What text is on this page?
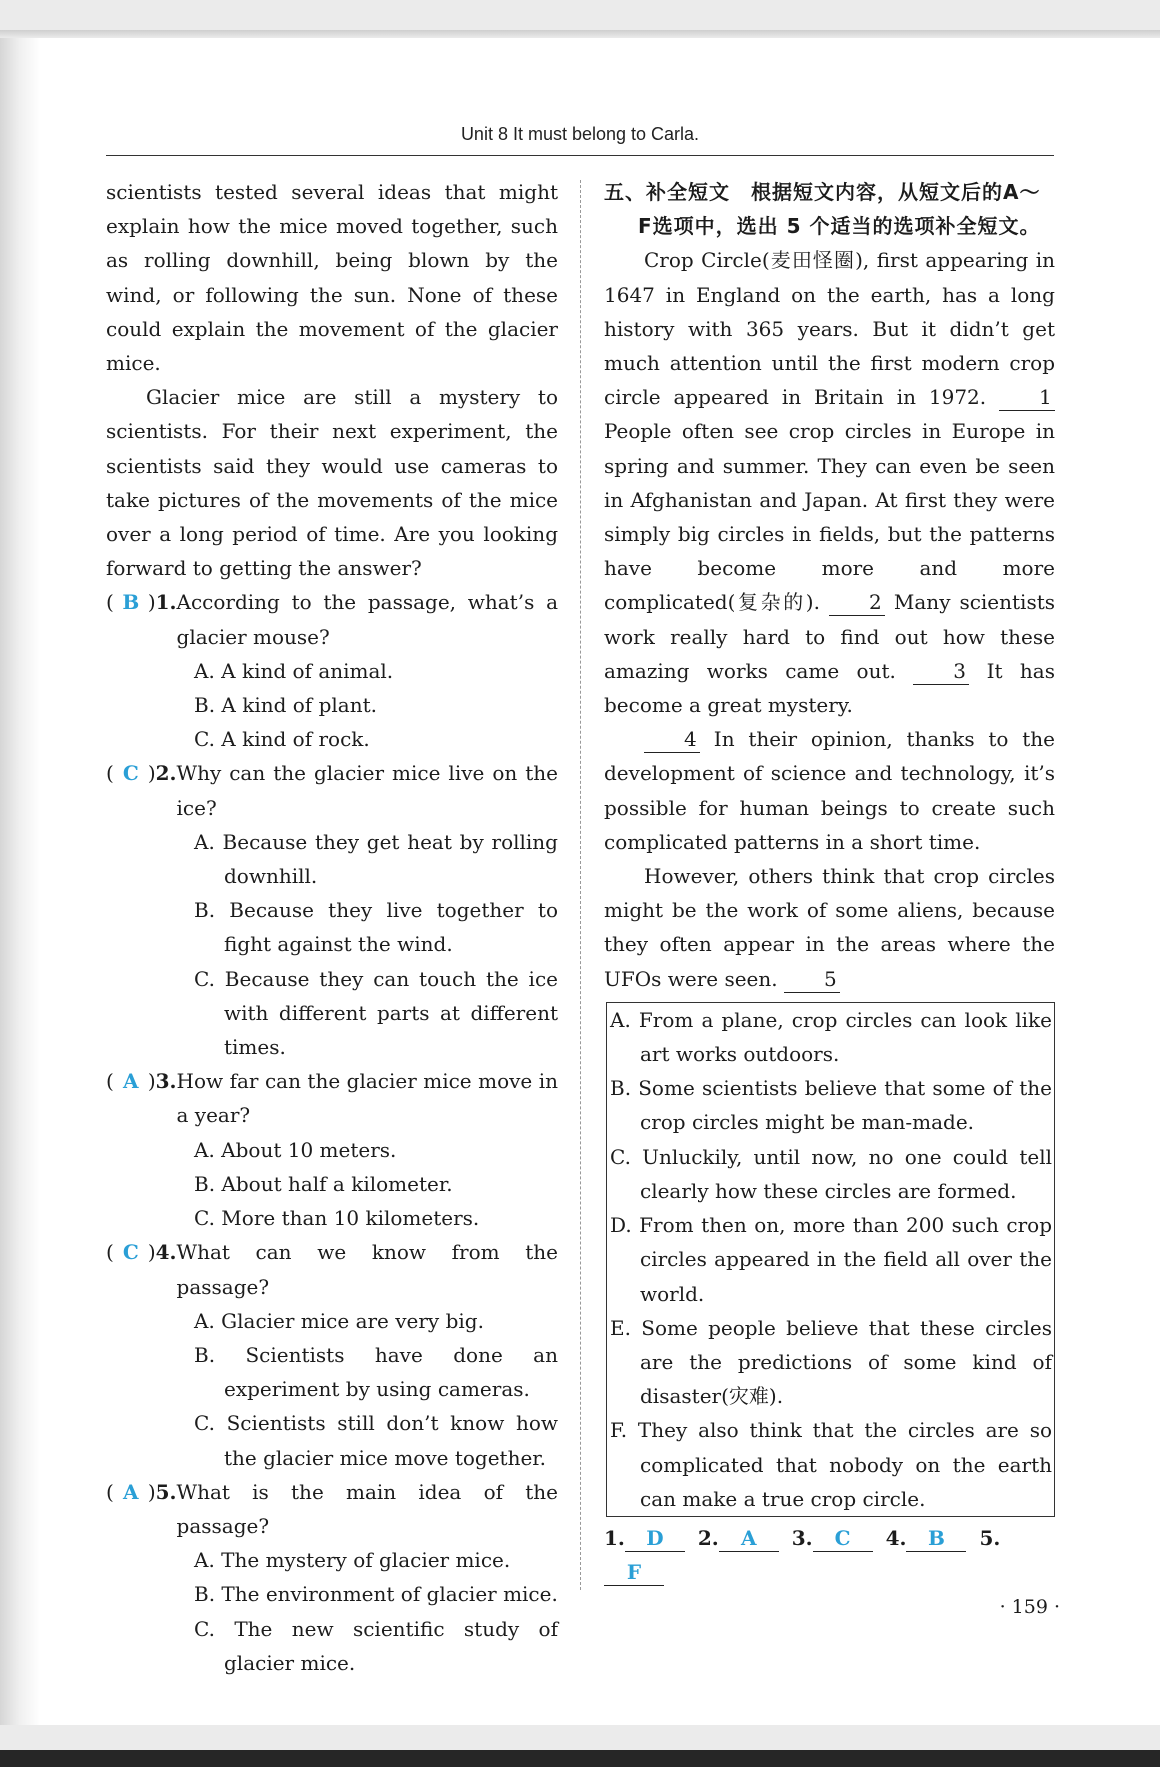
Unit 8 It must belong to Carla.

scientists tested several ideas that might explain how the mice moved together, such as rolling downhill, being blown by the wind, or following the sun. None of these could explain the movement of the glacier mice.

Glacier mice are still a mystery to scientists. For their next experiment, the scientists said they would use cameras to take pictures of the movements of the mice over a long period of time. Are you looking forward to getting the answer?

( B ) 1. According to the passage, what’s a glacier mouse?

A. A kind of animal.

B. A kind of plant.

C. A kind of rock.

( C ) 2. Why can the glacier mice live on the ice?

A. Because they get heat by rolling downhill.

B. Because they live together to fight against the wind.

C. Because they can touch the ice with different parts at different times.

( A ) 3. How far can the glacier mice move in a year?

A. About 10 meters.

B. About half a kilometer.

C. More than 10 kilometers.

( C ) 4. What can we know from the passage?

A. Glacier mice are very big.

B. Scientists have done an experiment by using cameras.

C. Scientists still don’t know how the glacier mice move together.

( A ) 5. What is the main idea of the passage?

A. The mystery of glacier mice.

B. The environment of glacier mice.

C. The new scientific study of glacier mice.

五、补全短文　根据短文内容，从短文后的A～F选项中，选出 5 个适当的选项补全短文。

Crop Circle(麦田怪圈), first appearing in 1647 in England on the earth, has a long history with 365 years. But it didn’t get much attention until the first modern crop circle appeared in Britain in 1972.	1 People often see crop circles in Europe in spring and summer. They can even be seen in Afghanistan and Japan. At first they were simply big circles in fields, but the patterns have become more and more complicated(复杂的). 2 Many scientists work really hard to find out how these amazing works came out.	3 It has become a great mystery.

4 In their opinion, thanks to the development of science and technology, it’s possible for human beings to create such complicated patterns in a short time.

However, others think that crop circles might be the work of some aliens, because they often appear in the areas where the UFOs were seen. 5

A. From a plane, crop circles can look like art works outdoors.

B. Some scientists believe that some of the crop circles might be man-made.

C. Unluckily, until now, no one could tell clearly how these circles are formed.

D. From then on, more than 200 such crop circles appeared in the field all over the world.

E. Some people believe that these circles are the predictions of some kind of disaster(灾难).

F. They also think that the circles are so complicated that nobody on the earth can make a true crop circle.

1. D 2. A 3. C 4. B 5.F
· 159 ·
